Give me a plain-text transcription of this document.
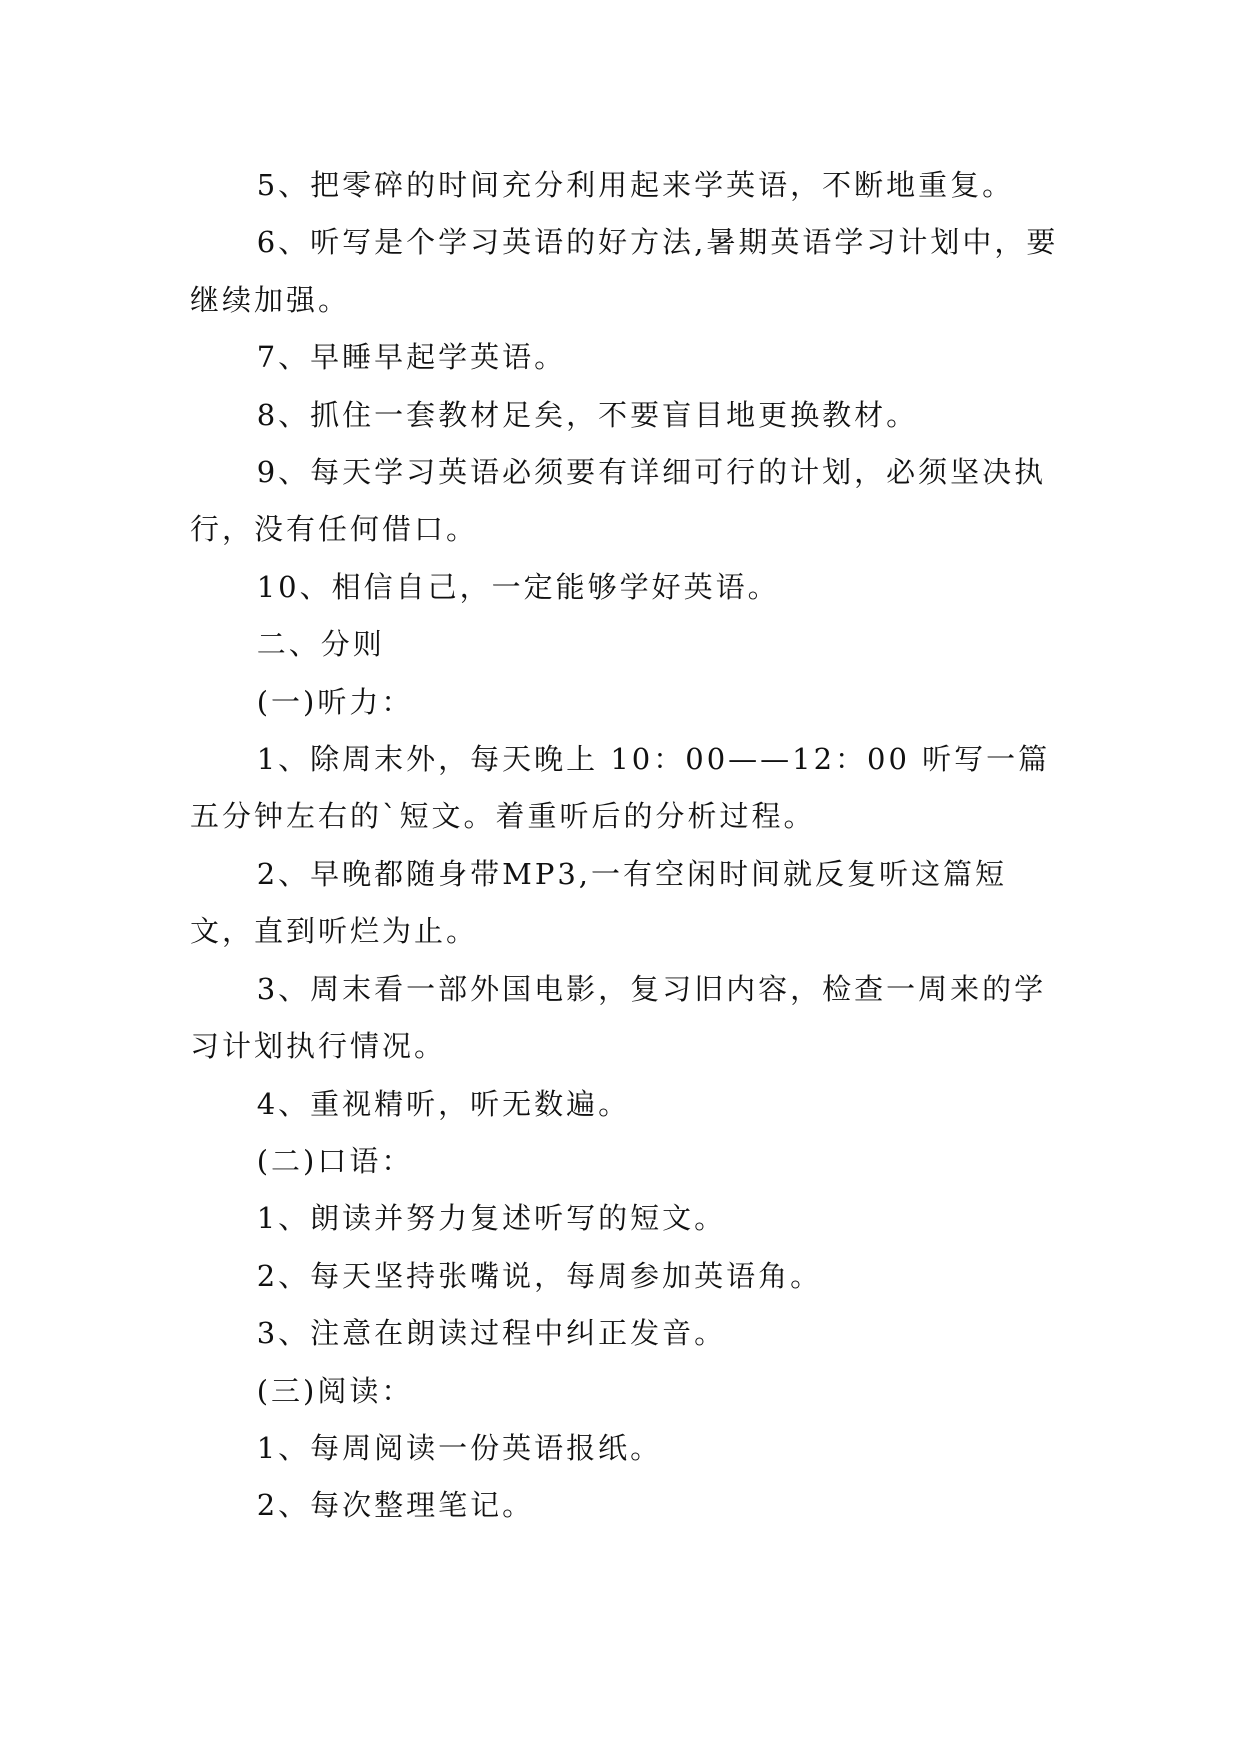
5、把零碎的时间充分利用起来学英语，不断地重复。

6、听写是个学习英语的好方法,暑期英语学习计划中，要继续加强。

7、早睡早起学英语。

8、抓住一套教材足矣，不要盲目地更换教材。

9、每天学习英语必须要有详细可行的计划，必须坚决执行，没有任何借口。

10、相信自己，一定能够学好英语。

二、分则

(一)听力：

1、除周末外，每天晚上 10：00——12：00 听写一篇五分钟左右的`短文。着重听后的分析过程。

2、早晚都随身带MP3,一有空闲时间就反复听这篇短文，直到听烂为止。

3、周末看一部外国电影，复习旧内容，检查一周来的学习计划执行情况。

4、重视精听，听无数遍。

(二)口语：

1、朗读并努力复述听写的短文。

2、每天坚持张嘴说，每周参加英语角。

3、注意在朗读过程中纠正发音。

(三)阅读：

1、每周阅读一份英语报纸。

2、每次整理笔记。
